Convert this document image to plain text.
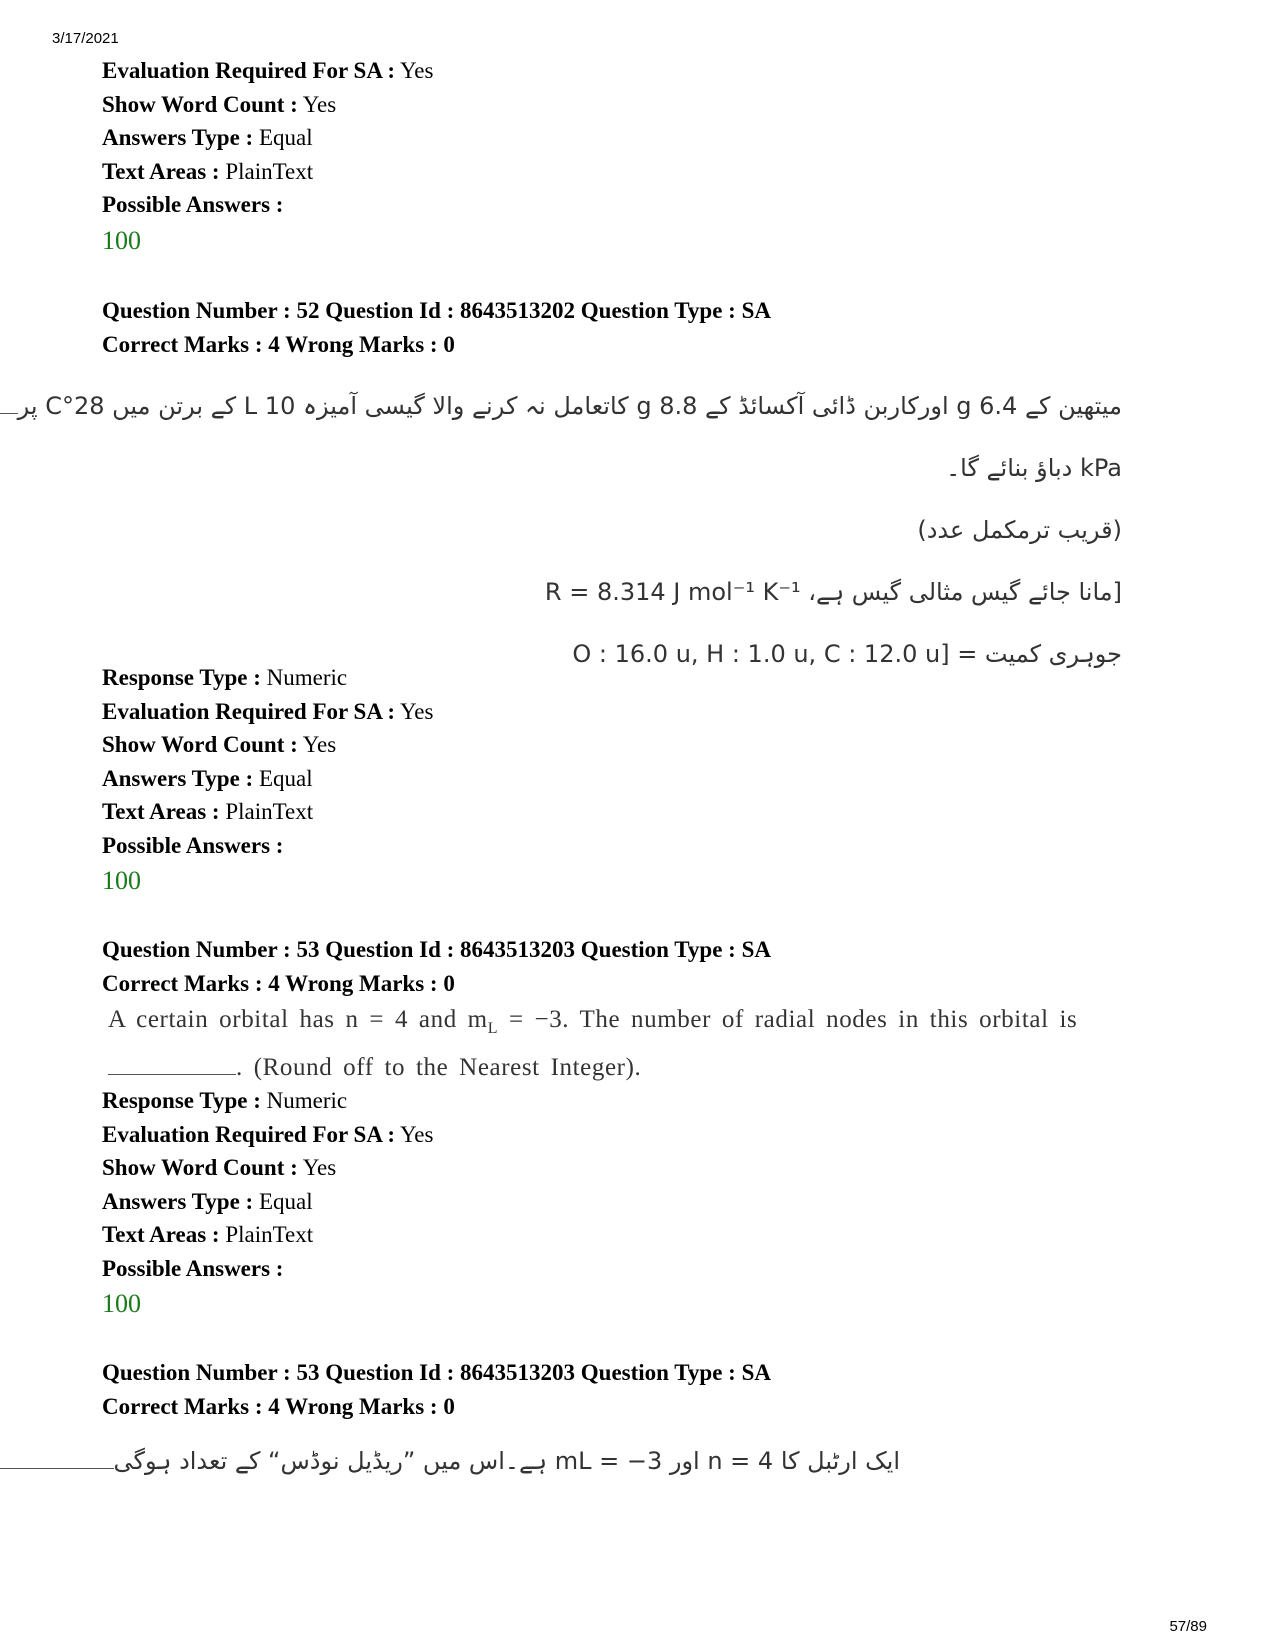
3/17/2021
Evaluation Required For SA : Yes
Show Word Count : Yes
Answers Type : Equal
Text Areas : PlainText
Possible Answers :
100
Question Number : 52 Question Id : 8643513202 Question Type : SA
Correct Marks : 4 Wrong Marks : 0
میتھین کے 6.4 g اورکاربن ڈائی آکسائڈ کے 8.8 g کاتعامل نہ کرنے والا گیسی آمیزہ 10 L کے برتن میں 28°C پر
kPa دباؤ بنائے گا۔
(قریب ترمکمل عدد)
[مانا جائے گیس مثالی گیس ہے، R = 8.314 J mol⁻¹ K⁻¹
جوہری کمیت = [O : 16.0 u, H : 1.0 u, C : 12.0 u
Response Type : Numeric
Evaluation Required For SA : Yes
Show Word Count : Yes
Answers Type : Equal
Text Areas : PlainText
Possible Answers :
100
Question Number : 53 Question Id : 8643513203 Question Type : SA
Correct Marks : 4 Wrong Marks : 0
A certain orbital has n = 4 and $m_L = -3$. The number of radial nodes in this orbital is
. (Round off to the Nearest Integer).
Response Type : Numeric
Evaluation Required For SA : Yes
Show Word Count : Yes
Answers Type : Equal
Text Areas : PlainText
Possible Answers :
100
Question Number : 53 Question Id : 8643513203 Question Type : SA
Correct Marks : 4 Wrong Marks : 0
ایک ارٹبل کا n = 4 اور mL = −3 ہے۔اس میں ”ریڈیل نوڈس“ کے تعداد ہوگی
57/89
